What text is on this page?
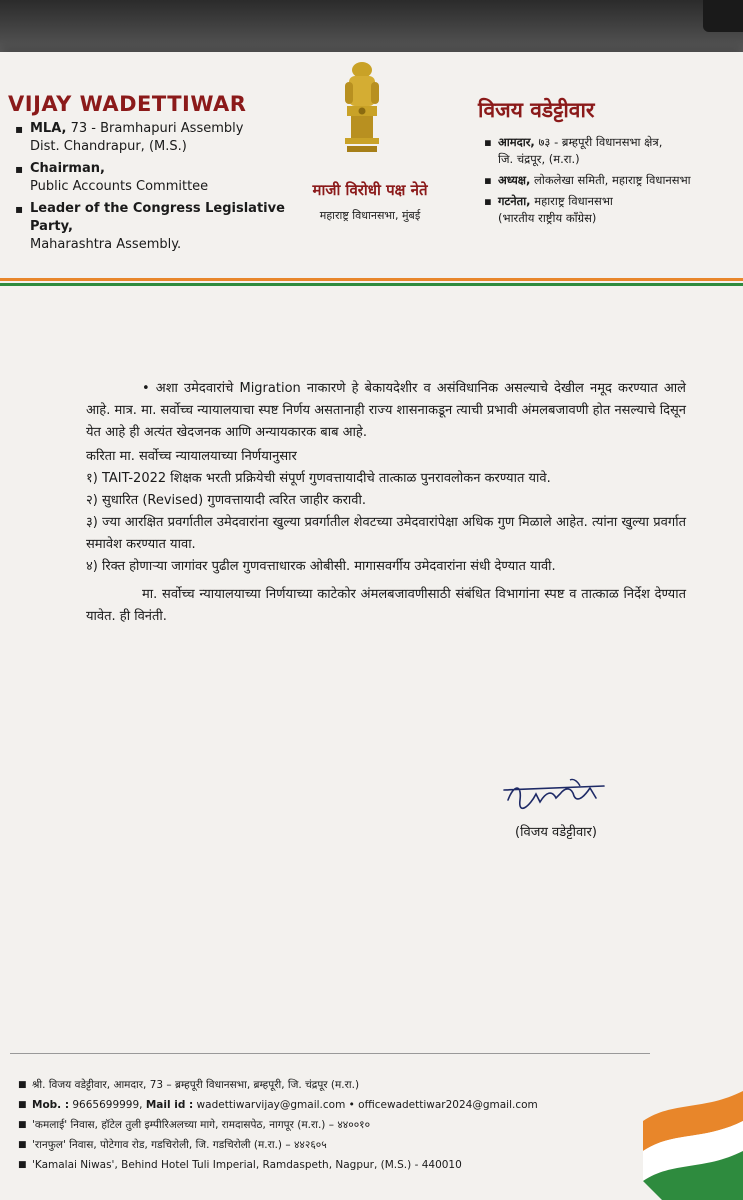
VIJAY WADETTIWAR
▪ MLA, 73 - Bramhapuri Assembly
Dist. Chandrapur, (M.S.)
▪ Chairman,
Public Accounts Committee
▪ Leader of the Congress Legislative Party,
Maharashtra Assembly.
माजी विरोधी पक्ष नेते
महाराष्ट्र विधानसभा, मुंबई
विजय वडेट्टीवार
▪ आमदार, ७३ - ब्रम्हपूरी विधानसभा क्षेत्र,
जि. चंद्रपूर, (म.रा.)
▪ अध्यक्ष, लोकलेखा समिती, महाराष्ट्र विधानसभा
▪ गटनेता, महाराष्ट्र विधानसभा
(भारतीय राष्ट्रीय काँग्रेस)

• अशा उमेदवारांचे Migration नाकारणे हे बेकायदेशीर व असंविधानिक असल्याचे देखील नमूद करण्यात आले आहे. मात्र. मा. सर्वोच्च न्यायालयाचा स्पष्ट निर्णय असतानाही राज्य शासनाकडून त्याची प्रभावी अंमलबजावणी होत नसल्याचे दिसून येत आहे ही अत्यंत खेदजनक आणि अन्यायकारक बाब आहे.

करिता मा. सर्वोच्च न्यायालयाच्या निर्णयानुसार

१) TAIT-2022 शिक्षक भरती प्रक्रियेची संपूर्ण गुणवत्तायादीचे तात्काळ पुनरावलोकन करण्यात यावे.

२) सुधारित (Revised) गुणवत्तायादी त्वरित जाहीर करावी.

३) ज्या आरक्षित प्रवर्गातील उमेदवारांना खुल्या प्रवर्गातील शेवटच्या उमेदवारांपेक्षा अधिक गुण मिळाले आहेत. त्यांना खुल्या प्रवर्गात समावेश करण्यात यावा.

४) रिक्त होणाऱ्या जागांवर पुढील गुणवत्ताधारक ओबीसी. मागासवर्गीय उमेदवारांना संधी देण्यात यावी.

मा. सर्वोच्च न्यायालयाच्या निर्णयाच्या काटेकोर अंमलबजावणीसाठी संबंधित विभागांना स्पष्ट व तात्काळ निर्देश देण्यात यावेत. ही विनंती.

(विजय वडेट्टीवार)
■ श्री. विजय वडेट्टीवार, आमदार, 73 – ब्रम्हपूरी विधानसभा, ब्रम्हपूरी, जि. चंद्रपूर (म.रा.)
■ Mob. : 9665699999, Mail id : wadettiwarvijay@gmail.com • officewadettiwar2024@gmail.com
■ 'कमलाई' निवास, हॉटेल तुली इम्पीरिअलच्या मागे, रामदासपेठ, नागपूर (म.रा.) – ४४००१०
■ 'रानफुल' निवास, पोटेगाव रोड, गडचिरोली, जि. गडचिरोली (म.रा.) – ४४२६०५
■ 'Kamalai Niwas', Behind Hotel Tuli Imperial, Ramdaspeth, Nagpur, (M.S.) - 440010
